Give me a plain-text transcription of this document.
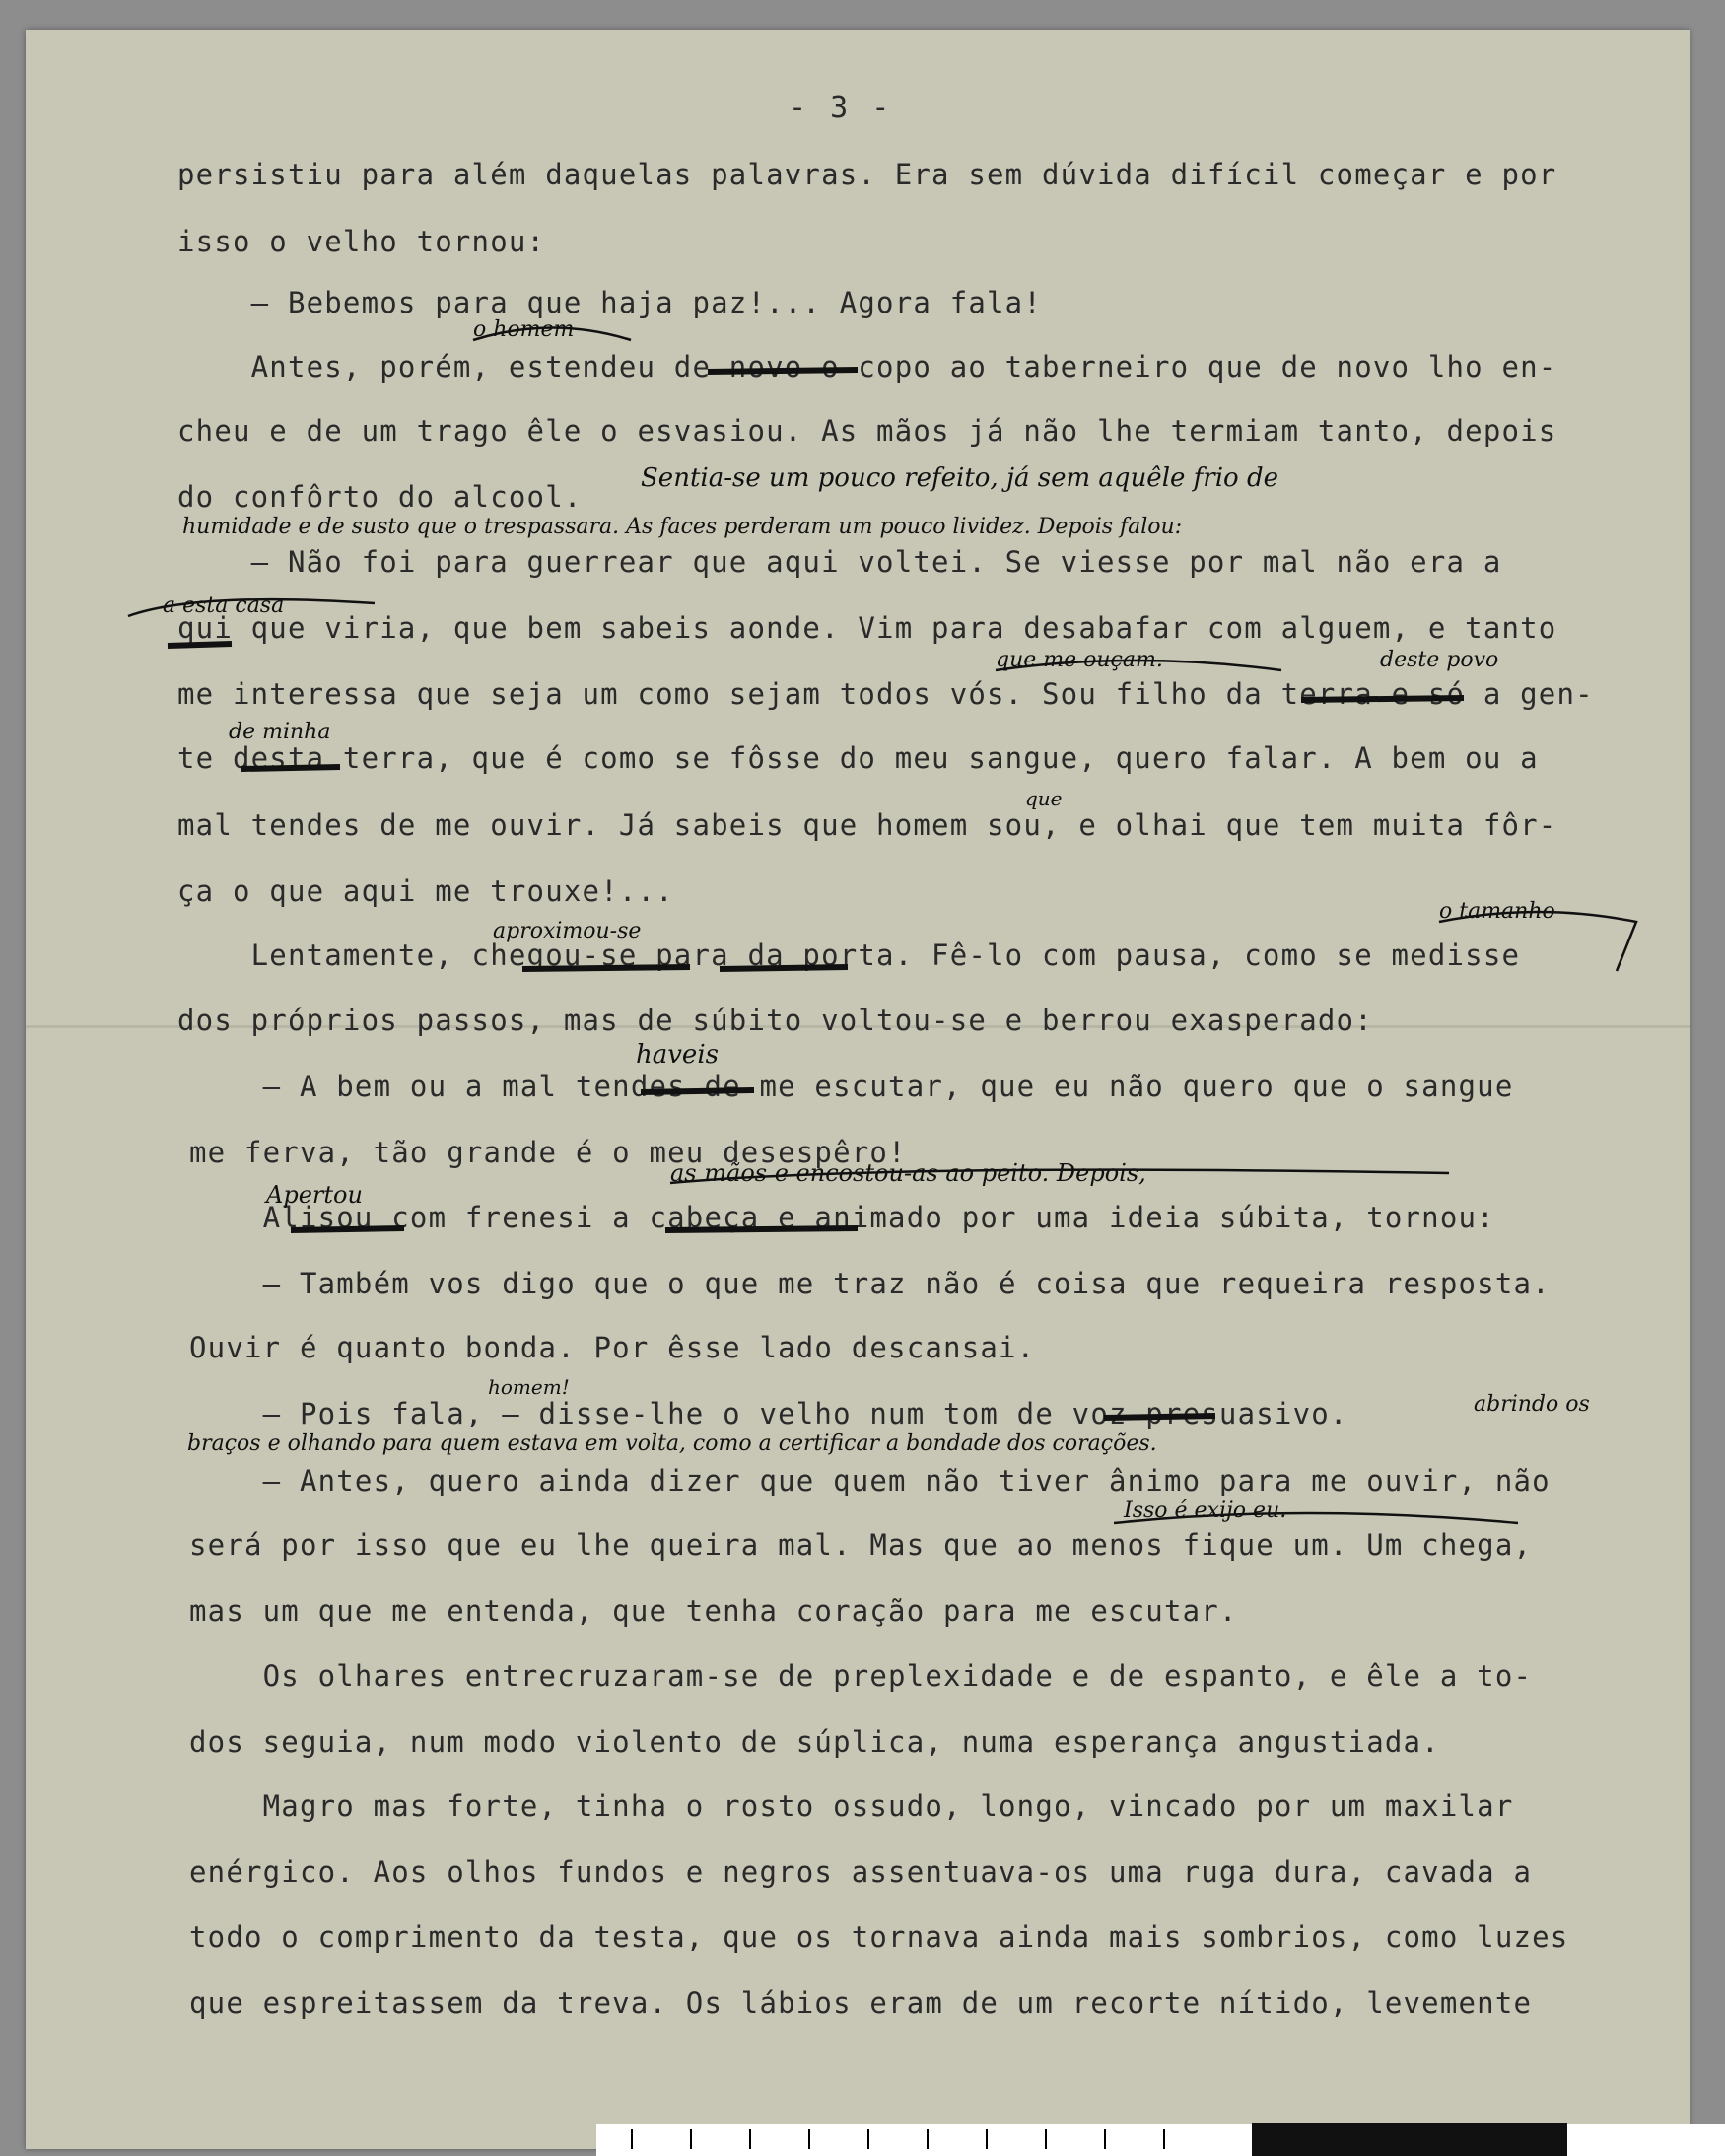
- 3 -
persistiu para além daquelas palavras. Era sem dúvida difícil começar e por
isso o velho tornou:
— Bebemos para que haja paz!... Agora fala!
Antes, porém, estendeu de novo o copo ao taberneiro que de novo lho en-
cheu e de um trago êle o esvasiou. As mãos já não lhe termiam tanto, depois
do confôrto do alcool.
— Não foi para guerrear que aqui voltei. Se viesse por mal não era a
qui que viria, que bem sabeis aonde. Vim para desabafar com alguem, e tanto
me interessa que seja um como sejam todos vós. Sou filho da terra e só a gen-
te desta terra, que é como se fôsse do meu sangue, quero falar. A bem ou a
mal tendes de me ouvir. Já sabeis que homem sou, e olhai que tem muita fôr-
ça o que aqui me trouxe!...
Lentamente, chegou-se para da porta. Fê-lo com pausa, como se medisse
dos próprios passos, mas de súbito voltou-se e berrou exasperado:
— A bem ou a mal tendes de me escutar, que eu não quero que o sangue
me ferva, tão grande é o meu desespêro!
Alisou com frenesi a cabeça e animado por uma ideia súbita, tornou:
— Também vos digo que o que me traz não é coisa que requeira resposta.
Ouvir é quanto bonda. Por êsse lado descansai.
— Pois fala, — disse-lhe o velho num tom de voz presuasivo.
— Antes, quero ainda dizer que quem não tiver ânimo para me ouvir, não
será por isso que eu lhe queira mal. Mas que ao menos fique um. Um chega,
mas um que me entenda, que tenha coração para me escutar.
Os olhares entrecruzaram-se de preplexidade e de espanto, e êle a to-
dos seguia, num modo violento de súplica, numa esperança angustiada.
Magro mas forte, tinha o rosto ossudo, longo, vincado por um maxilar
enérgico. Aos olhos fundos e negros assentuava-os uma ruga dura, cavada a
todo o comprimento da testa, que os tornava ainda mais sombrios, como luzes
que espreitassem da treva. Os lábios eram de um recorte nítido, levemente
o homem
Sentia-se um pouco refeito, já sem aquêle frio de
humidade e de susto que o trespassara. As faces perderam um pouco lividez. Depois falou:
a esta casa
que me ouçam.	deste povo
de minha
que
o tamanho
aproximou-se
haveis
as mãos e encostou-as ao peito. Depois,
Apertou
homem!
abrindo os
braços e olhando para quem estava em volta, como a certificar a bondade dos corações.
Isso é exijo eu.
